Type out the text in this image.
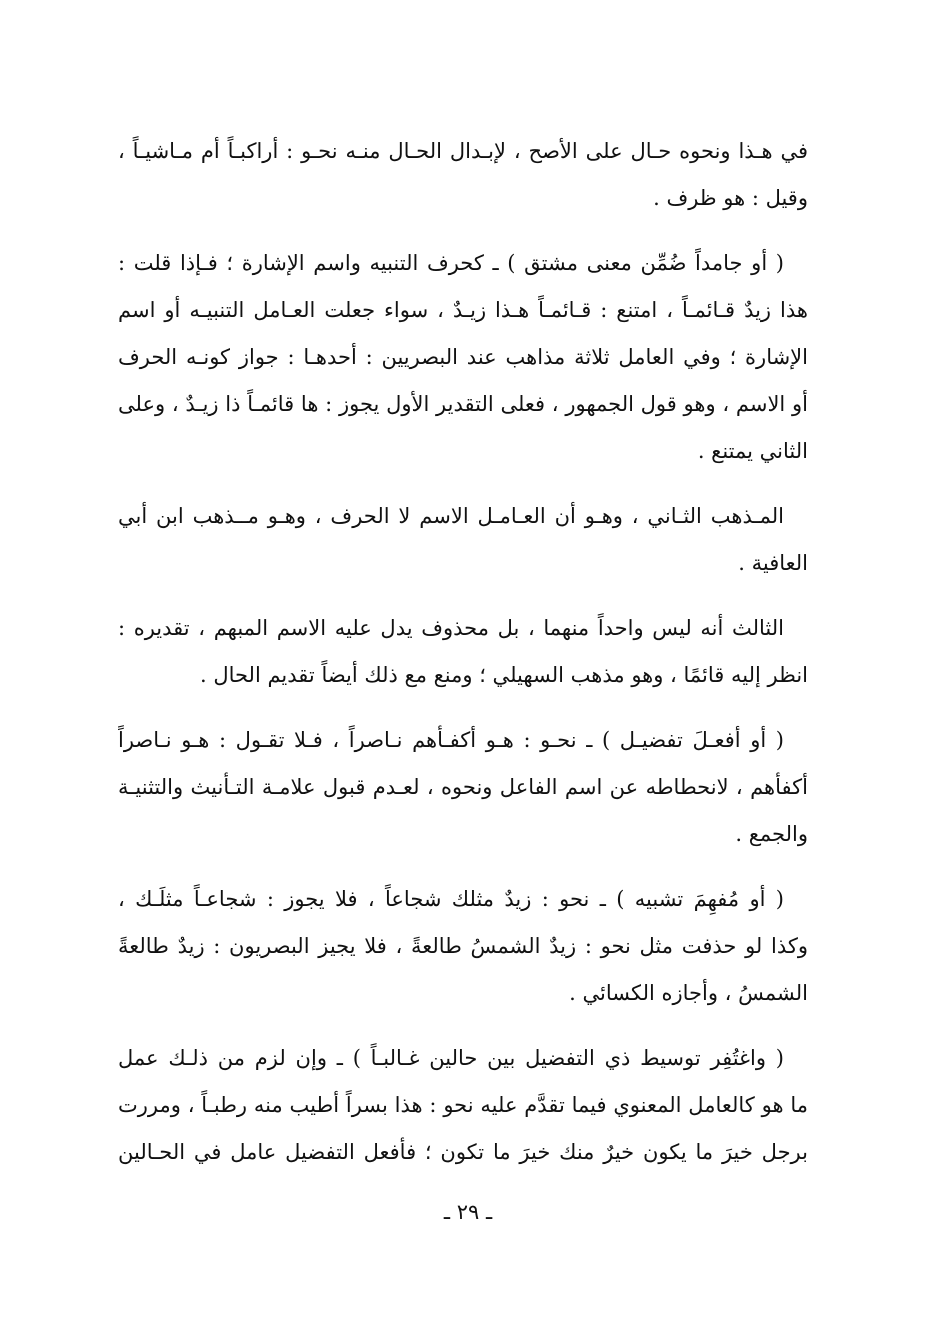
في هـذا ونحوه حـال على الأصح ، لإبـدال الحـال منـه نحـو : أراكبـاً أم مـاشيـاً ،
وقيل : هو ظرف .
( أو جامداً ضُمِّن معنى مشتق ) ـ كحرف التنبيه واسم الإشارة ؛ فـإذا قلت :
هذا زيدٌ قـائمـاً ، امتنع : قـائمـاً هـذا زيـدٌ ، سواء جعلت العـامل التنبيـه أو اسم
الإشارة ؛ وفي العامل ثلاثة مذاهب عند البصريين : أحدهـا : جواز كونـه الحرف
أو الاسم ، وهو قول الجمهور ، فعلى التقدير الأول يجوز : ها قائمـاً ذا زيـدٌ ، وعلى
الثاني يمتنع .
المـذهب الثـاني ، وهـو أن العـامـل الاسم لا الحرف ، وهـو مــذهب ابن أبي
العافية .
الثالث أنه ليس واحداً منهما ، بل محذوف يدل عليه الاسم المبهم ، تقديره :
انظر إليه قائمًا ، وهو مذهب السهيلي ؛ ومنع مع ذلك أيضاً تقديم الحال .
( أو أفعـلَ تفضيـل ) ـ نحـو : هـو أكفـأهم نـاصراً ، فـلا تقـول : هـو نـاصراً
أكفأهم ، لانحطاطه عن اسم الفاعل ونحوه ، لعـدم قبول علامـة التـأنيث والتثنيـة
والجمع .
( أو مُفهِمَ تشبيه ) ـ نحو : زيدٌ مثلك شجاعاً ، فلا يجوز : شجاعـاً مثلَـك ،
وكذا لو حذفت مثل نحو : زيدٌ الشمسُ طالعةً ، فلا يجيز البصريون : زيدٌ طالعةً
الشمسُ ، وأجازه الكسائي .
( واغتُفِر توسيط ذي التفضيل بين حالين غـالبـاً ) ـ وإن لزم من ذلـك عمل
ما هو كالعامل المعنوي فيما تقدَّم عليه نحو : هذا بسراً أطيب منه رطبـاً ، ومررت
برجل خيرَ ما يكون خيرٌ منك خيرَ ما تكون ؛ فأفعل التفضيل عامل في الحـالين
ـ ٢٩ ـ
